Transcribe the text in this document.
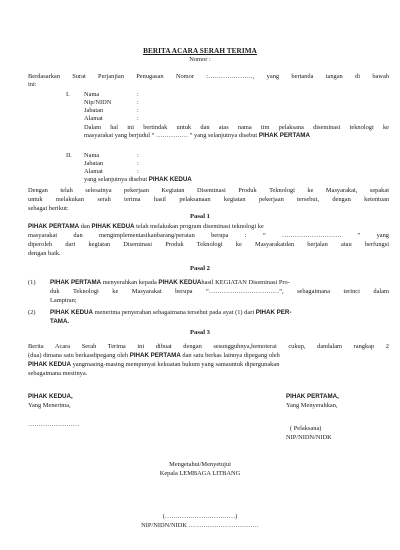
BERITA ACARA SERAH TERIMA
Nomor :
Berdasarkan Surat Perjanjian Penugasan Nomor :…………………, yang bertanda tangan di bawah
ini:
I. Nama	:
Nip/NIDN	:
Jabatan	:
Alamat	:
Dalam hal ini bertindak untuk dan atas nama tim pelaksana diseminasi teknologi ke
masyarakat yang berjudul “ …………… ” yang selanjutnya disebut PIHAK PERTAMA
II. Nama	:
Jabatan	:
Alamat	:
yang selanjutnya disebut PIHAK KEDUA
Dengan telah selesainya pekerjaan Kegiatan Diseminasi Produk Teknologi ke Masyarakat, sepakat
untuk melakukan serah terima hasil pelaksanaan kegiatan pekerjaan tersebut, dengan ketentuan
sebagai berikut:
Pasal 1
PIHAK PERTAMA dan PIHAK KEDUA telah melakukan program diseminasi teknologi ke
masyarakat dan mengimplementasikanbarang/peratan berupa : “ ………………………. ” yang
diperoleh dari kegiatan Diseminasi Produk Teknologi ke Masyarakatdan berjalan atau berfungsi
dengan baik.
Pasal 2
(1) PIHAK PERTAMA menyerahkan kepada PIHAK KEDUAhasil KEGIATAN Diseminasi Pro-
duk Teknologi ke Masyarakat berupa “……………………………”, sebagaimana terinci dalam
Lampiran;
(2) PIHAK KEDUA menerima penyerahan sebagaimana tersebut pada ayat (1) dari PIHAK PER-
TAMA.
Pasal 3
Berita Acara Serah Terima ini dibuat dengan sesungguhnya,hemoterai cukup, dandalam rangkap 2
(dua) dimana satu berkasdipegang oleh PIHAK PERTAMA dan satu berkas lainnya dipegang oleh
PIHAK KEDUA yangmasing-masing mempunyai kekuatan hukum yang samauntuk dipergunakan
sebagaimana mestinya.
PIHAK KEDUA,
Yang Menerima,
……………………
PIHAK PERTAMA,
Yang Menyerahkan,
( Pelaksana)
NIP/NIDN/NIDK
Mengetahui/Menyetujui
Kepala LEMBAGA LITBANG
(……………………………)
NIP/NIDN/NIDK ……………………………
